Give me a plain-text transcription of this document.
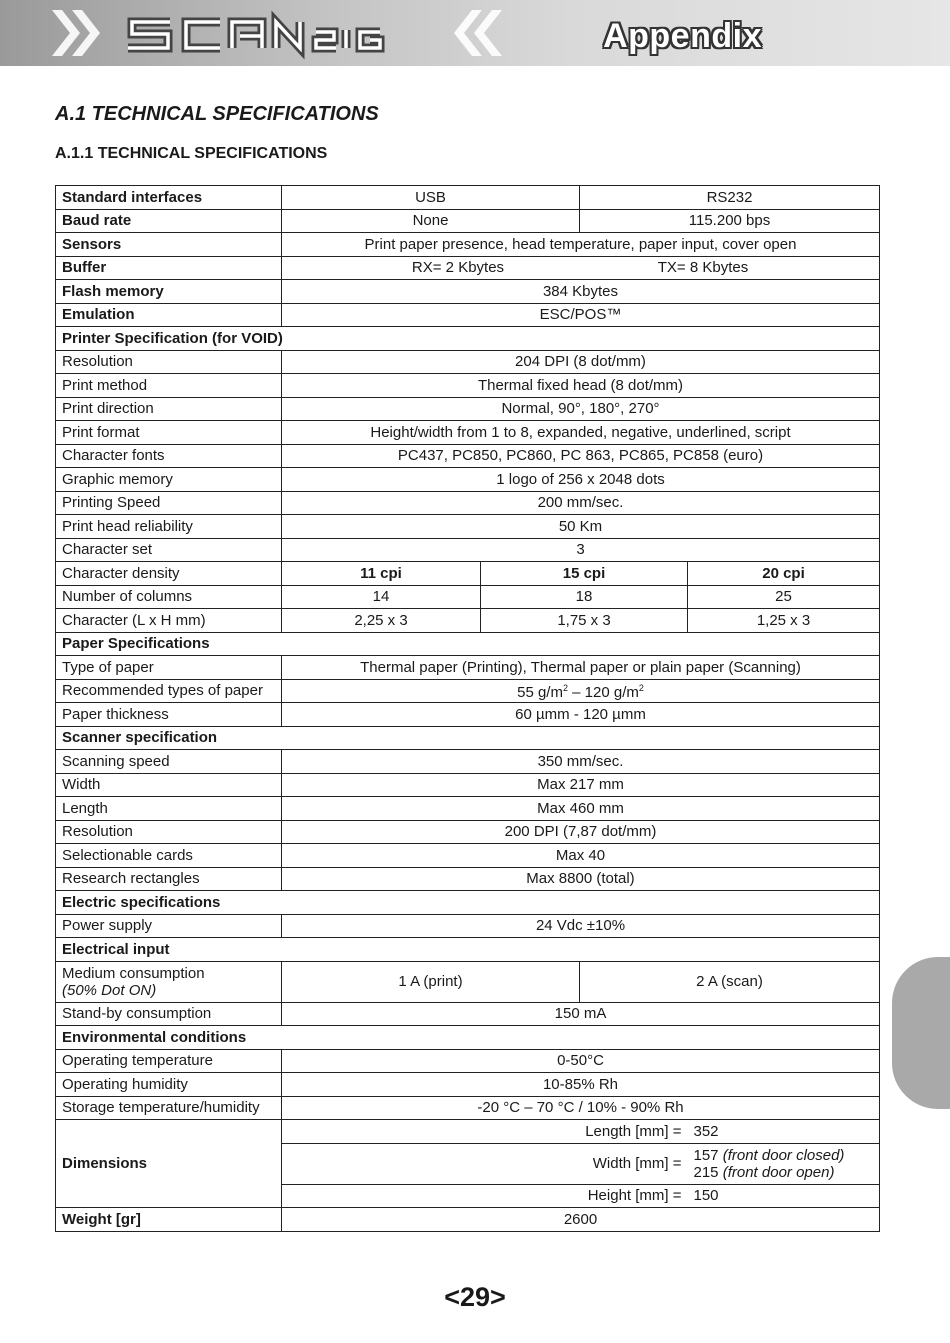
Appendix
A.1 TECHNICAL SPECIFICATIONS
A.1.1 TECHNICAL SPECIFICATIONS
Standard interfaces	USB		RS232	
Baud rate	None		115.200 bps	
Sensors	Print paper presence, head temperature, paper input, cover open			
Buffer	RX= 2 Kbytes TX= 8 Kbytes			
Flash memory	384 Kbytes			
Emulation	ESC/POS™			
Printer Specification (for VOID)				
Resolution	204 DPI (8 dot/mm)			
Print method	Thermal fixed head (8 dot/mm)			
Print direction	Normal, 90°, 180°, 270°			
Print format	Height/width from 1 to 8, expanded, negative, underlined, script			
Character fonts	PC437, PC850, PC860, PC 863, PC865, PC858 (euro)			
Graphic memory	1 logo of 256 x 2048 dots			
Printing Speed	200 mm/sec.			
Print head reliability	50 Km			
Character set	3			
Character density	11 cpi	15 cpi		20 cpi
Number of columns	14	18		25
Character (L x H mm)	2,25 x 3	1,75 x 3		1,25 x 3
Paper Specifications				
Type of paper	Thermal paper (Printing), Thermal paper or plain paper (Scanning)			
Recommended types of paper	55 $g/m^2 - 120$ $g/m^2$
Paper thickness	60 µmm - 120 µmm			
Scanner specification				
Scanning speed	350 mm/sec.			
Width	Max 217 mm			
Length	Max 460 mm			
Resolution	200 DPI (7,87 dot/mm)			
Selectionable cards	Max 40			
Research rectangles	Max 8800 (total)			
Electric specifications				
Power supply	24 Vdc ±10%			
Electrical input				

Medium consumption
(50% Dot ON)	1 A (print)		2 A (scan)	
Stand-by consumption	150 mA			
Environmental conditions				
Operating temperature	0-50°C			
Operating humidity	10-85% Rh			
Storage temperature/humidity	-20 °C – 70 °C / 10% - 90% Rh			
Dimensions	Length [mm] =			352
	Width [mm] =			157 (front door closed)
215 (front door open)

	Height [mm] =			150
Weight [gr]	2600			
<29>
